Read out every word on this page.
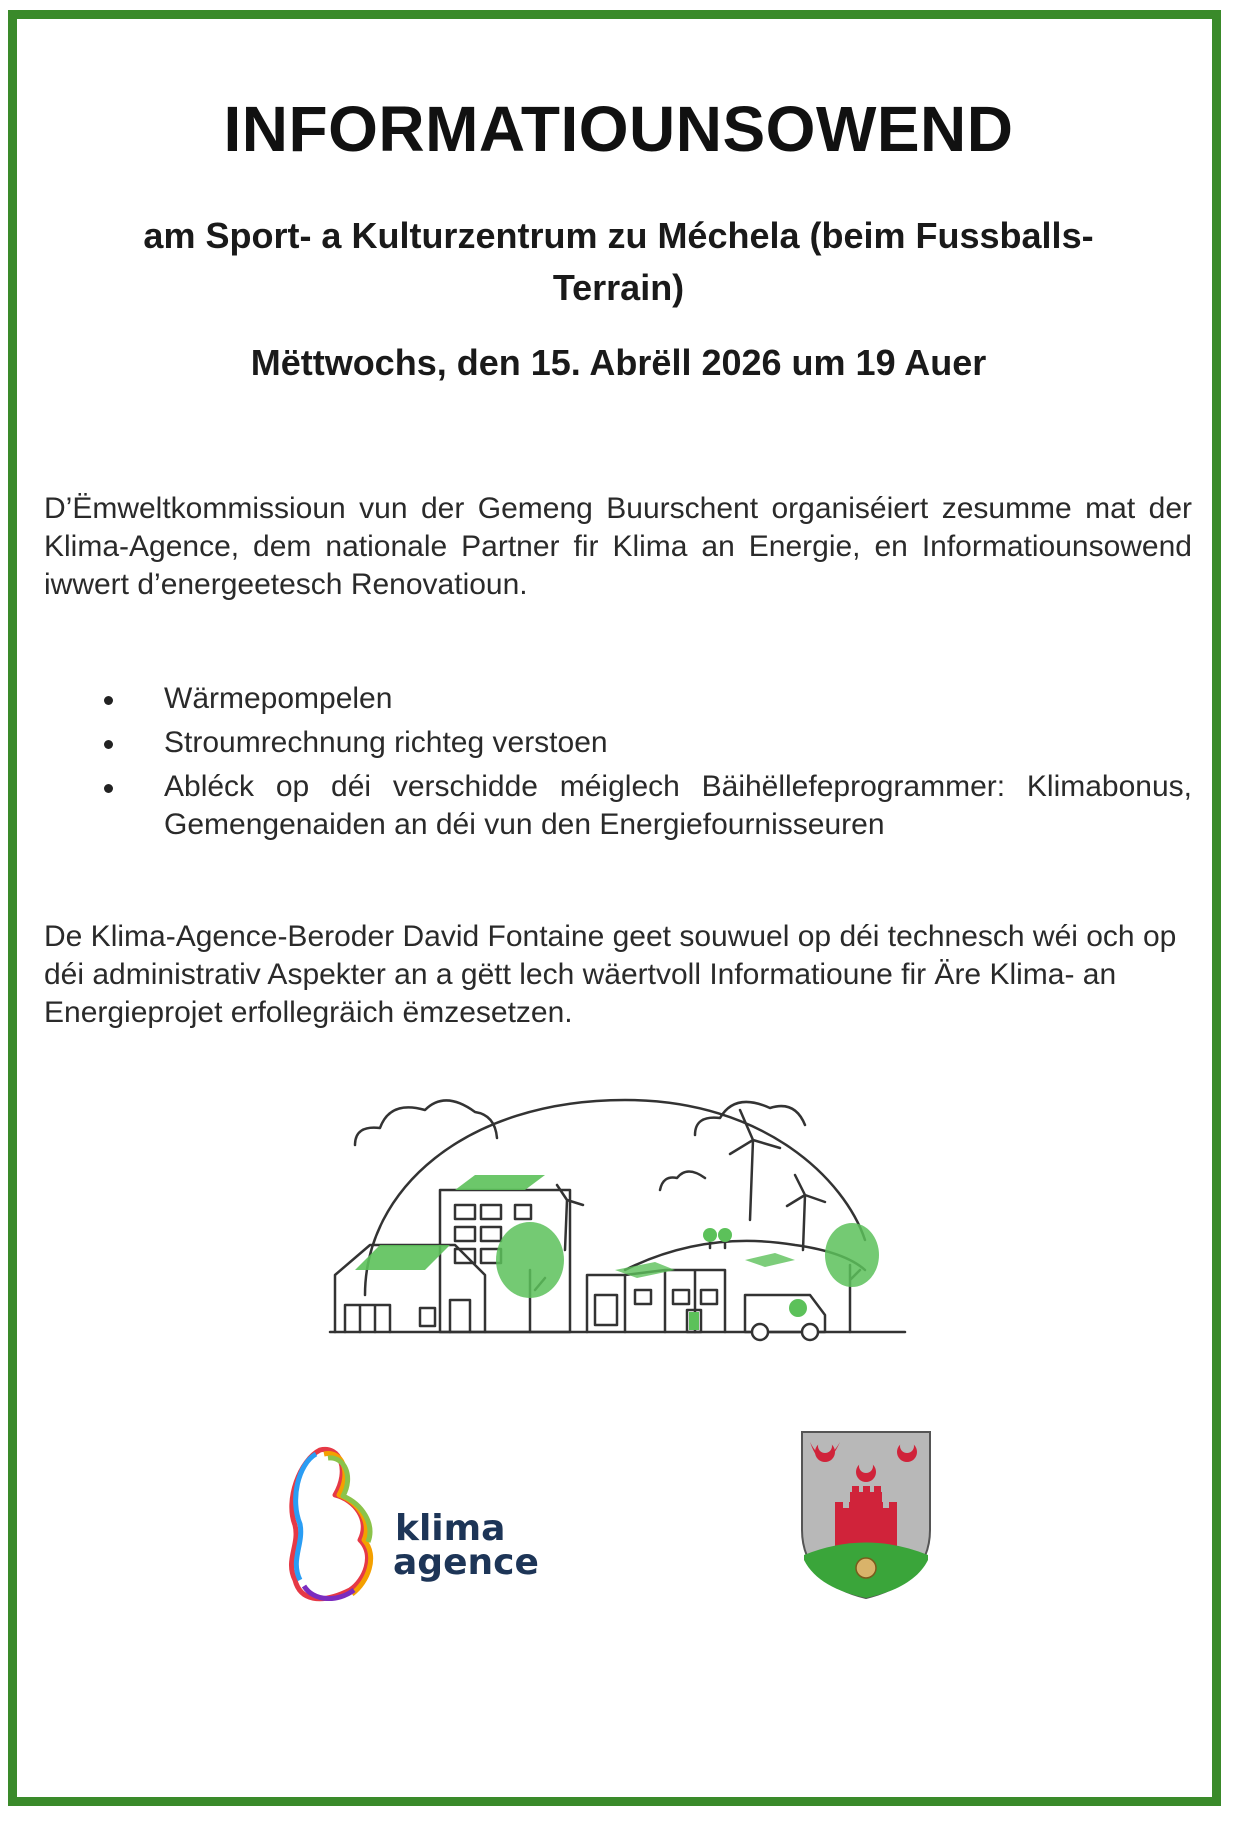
INFORMATIOUNSOWEND
am Sport- a Kulturzentrum zu Méchela (beim Fussballs-Terrain)
Mëttwochs, den 15. Abrëll 2026 um 19 Auer
D’Ëmweltkommissioun vun der Gemeng Buurschent organiséiert zesumme mat der Klima-Agence, dem nationale Partner fir Klima an Energie, en Informatiounsowend iwwert d’energeetesch Renovatioun.
Wärmepompelen
Stroumrechnung richteg verstoen
Abléck op déi verschidde méiglech Bäihëllefeprogrammer: Klimabonus, Gemengenaiden an déi vun den Energiefournisseuren
De Klima-Agence-Beroder David Fontaine geet souwuel op déi technesch wéi och op déi administrativ Aspekter an a gëtt lech wäertvoll Informatioune fir Äre Klima- an Energieprojet erfollegräich ëmzesetzen.
klima
agence
